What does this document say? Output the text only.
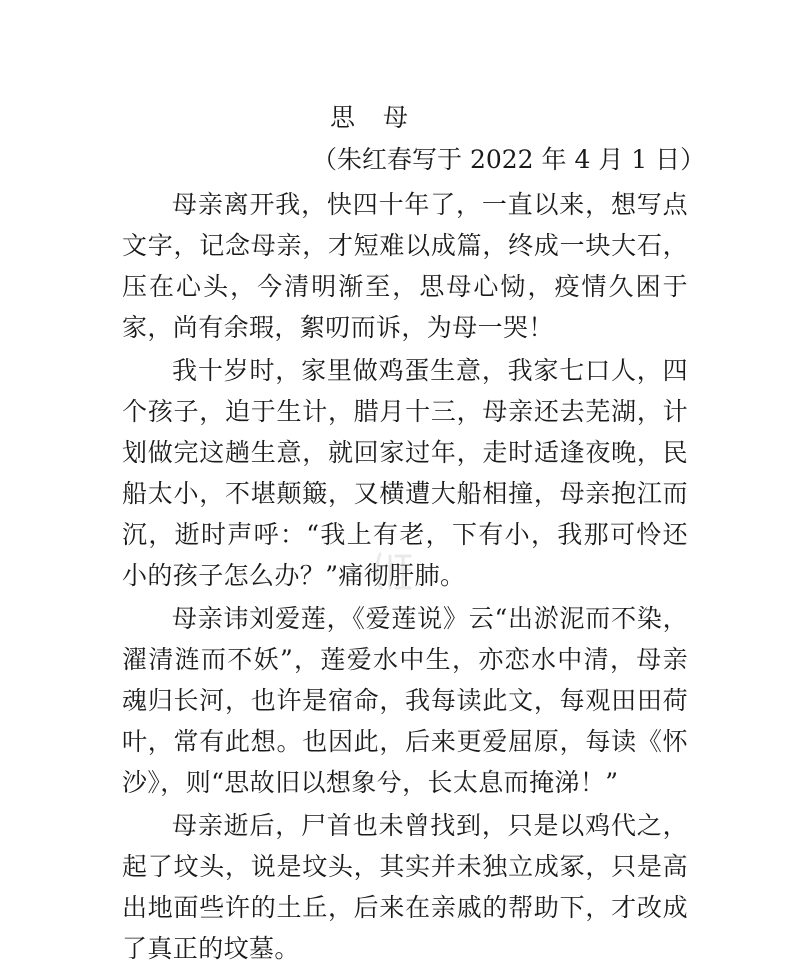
思母
（朱红春写于 2022 年 4 月 1 日）

母亲离开我，快四十年了，一直以来，想写点文字，记念母亲，才短难以成篇，终成一块大石，压在心头，今清明渐至，思母心恸，疫情久困于家，尚有余瑕，絮叨而诉，为母一哭！

我十岁时，家里做鸡蛋生意，我家七口人，四个孩子，迫于生计，腊月十三，母亲还去芜湖，计划做完这趟生意，就回家过年，走时适逢夜晚，民船太小，不堪颠簸，又横遭大船相撞，母亲抱江而沉，逝时声呼：“我上有老，下有小，我那可怜还小的孩子怎么办？”痛彻肝肺。

母亲讳刘爱莲，《爱莲说》云“出淤泥而不染，濯清涟而不妖”，莲爱水中生，亦恋水中清，母亲魂归长河，也许是宿命，我每读此文，每观田田荷叶，常有此想。也因此，后来更爱屈原，每读《怀沙》，则“思故旧以想象兮，长太息而掩涕！”

母亲逝后，尸首也未曾找到，只是以鸡代之，起了坟头，说是坟头，其实并未独立成冢，只是高出地面些许的土丘，后来在亲戚的帮助下，才改成了真正的坟墓。
